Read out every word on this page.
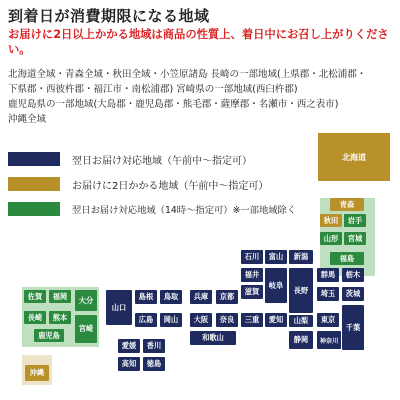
到着日が消費期限になる地域
お届けに2日以上かかる地域は商品の性質上、着日中にお召し上がりください。
北海道全域・青森全域・秋田全域・小笠原諸島 長崎の一部地域(上県郡・北松浦郡・
下県郡・西彼杵郡・福江市・南松浦郡) 宮崎県の一部地域(西臼杵郡)
鹿児島県の一部地域(大島郡・鹿児島郡・熊毛郡・薩摩郡・名瀬市・西之表市)
沖縄全域
翌日お届け対応地域（午前中〜指定可）
お届けに2日かかる地域（午前中〜指定可）
翌日お届け対応地域（14時〜指定可）※一部地域除く
北海道
青森
秋田	岩手
山形	宮城
福島
石川	富山	新潟
福井
岐阜
長野
群馬	栃木
埼玉	茨城
山梨	東京
千葉
静岡	神奈川
愛知
滋賀
京都
兵庫
三重
奈良
大阪
和歌山
島根	鳥取
山口
広島	岡山
愛媛	香川
高知	徳島
佐賀	福岡	大分
長崎	熊本
宮崎
鹿児島
沖縄
